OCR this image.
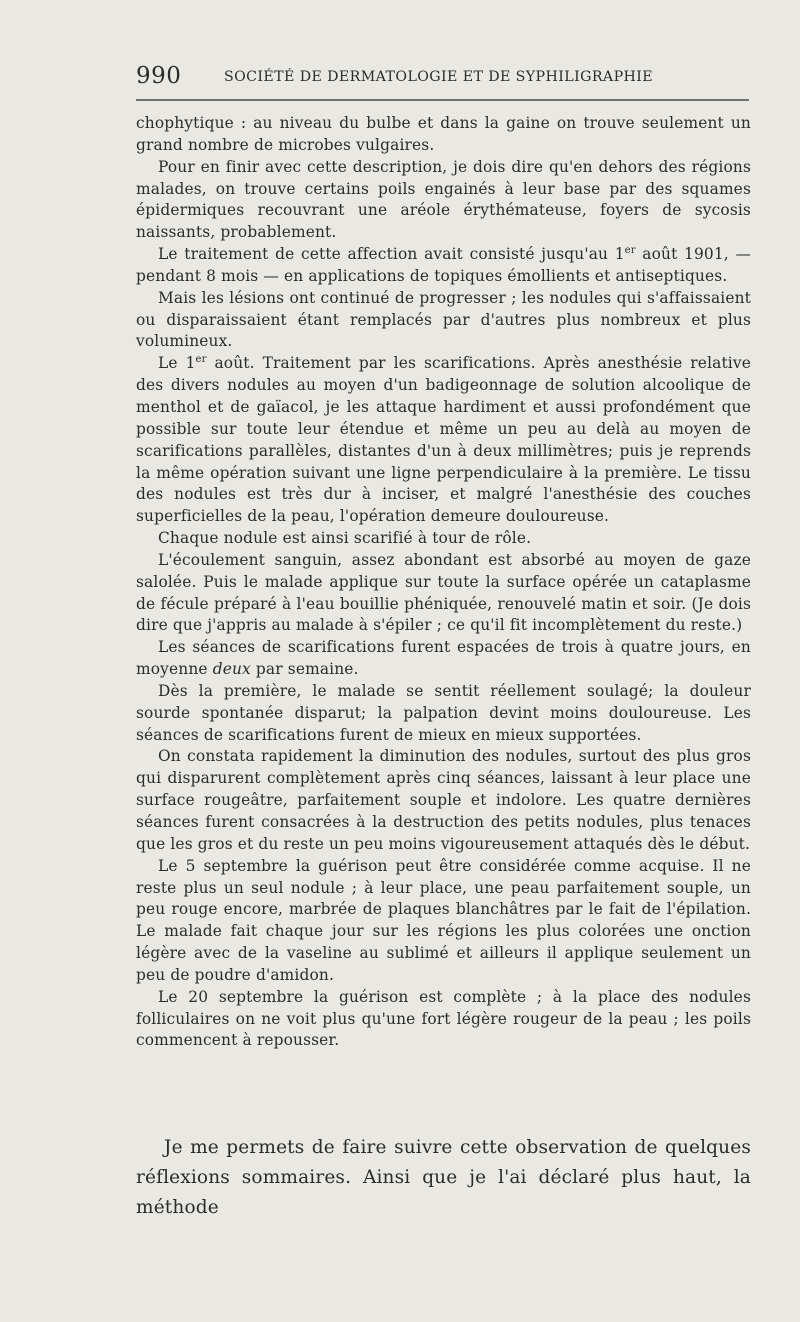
990	SOCIÉTÉ DE DERMATOLOGIE ET DE SYPHILIGRAPHIE

chophytique : au niveau du bulbe et dans la gaine on trouve seulement un grand nombre de microbes vulgaires.

Pour en finir avec cette description, je dois dire qu'en dehors des régions malades, on trouve certains poils engainés à leur base par des squames épidermiques recouvrant une aréole érythémateuse, foyers de sycosis naissants, probablement.

Le traitement de cette affection avait consisté jusqu'au 1er août 1901, — pendant 8 mois — en applications de topiques émollients et antiseptiques.

Mais les lésions ont continué de progresser ; les nodules qui s'affaissaient ou disparaissaient étant remplacés par d'autres plus nombreux et plus volumineux.

Le 1er août. Traitement par les scarifications. Après anesthésie relative des divers nodules au moyen d'un badigeonnage de solution alcoolique de menthol et de gaïacol, je les attaque hardiment et aussi profondément que possible sur toute leur étendue et même un peu au delà au moyen de scarifications parallèles, distantes d'un à deux millimètres; puis je reprends la même opération suivant une ligne perpendiculaire à la première. Le tissu des nodules est très dur à inciser, et malgré l'anesthésie des couches superficielles de la peau, l'opération demeure douloureuse.

Chaque nodule est ainsi scarifié à tour de rôle.

L'écoulement sanguin, assez abondant est absorbé au moyen de gaze salolée. Puis le malade applique sur toute la surface opérée un cataplasme de fécule préparé à l'eau bouillie phéniquée, renouvelé matin et soir. (Je dois dire que j'appris au malade à s'épiler ; ce qu'il fit incomplètement du reste.)

Les séances de scarifications furent espacées de trois à quatre jours, en moyenne deux par semaine.

Dès la première, le malade se sentit réellement soulagé; la douleur sourde spontanée disparut; la palpation devint moins douloureuse. Les séances de scarifications furent de mieux en mieux supportées.

On constata rapidement la diminution des nodules, surtout des plus gros qui disparurent complètement après cinq séances, laissant à leur place une surface rougeâtre, parfaitement souple et indolore. Les quatre dernières séances furent consacrées à la destruction des petits nodules, plus tenaces que les gros et du reste un peu moins vigoureusement attaqués dès le début.

Le 5 septembre la guérison peut être considérée comme acquise. Il ne reste plus un seul nodule ; à leur place, une peau parfaitement souple, un peu rouge encore, marbrée de plaques blanchâtres par le fait de l'épilation. Le malade fait chaque jour sur les régions les plus colorées une onction légère avec de la vaseline au sublimé et ailleurs il applique seulement un peu de poudre d'amidon.

Le 20 septembre la guérison est complète ; à la place des nodules folliculaires on ne voit plus qu'une fort légère rougeur de la peau ; les poils commencent à repousser.

Je me permets de faire suivre cette observation de quelques réflexions sommaires. Ainsi que je l'ai déclaré plus haut, la méthode
